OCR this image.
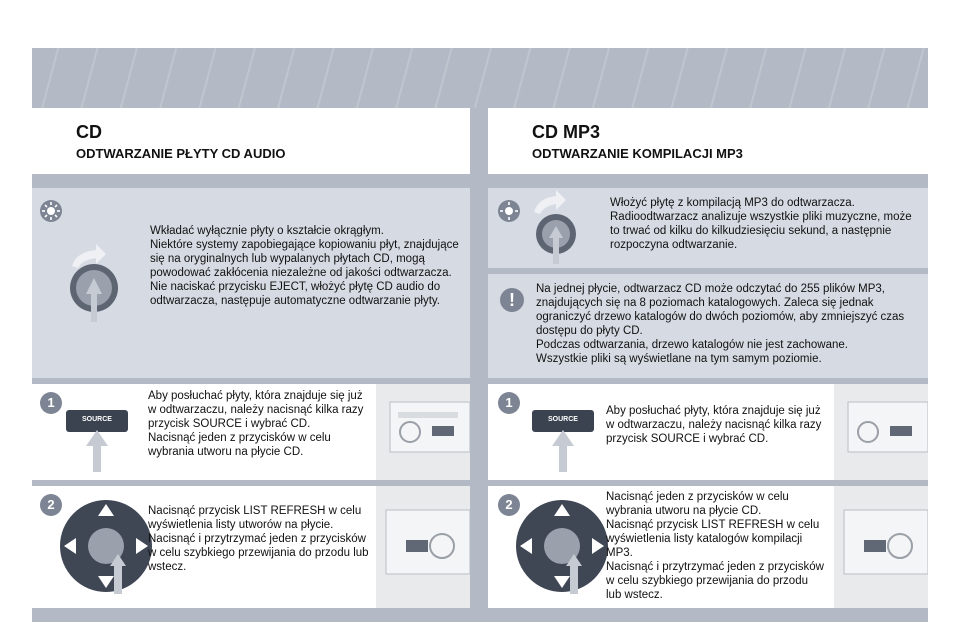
CD
ODTWARZANIE PŁYTY CD AUDIO
CD MP3
ODTWARZANIE KOMPILACJI MP3
Wkładać wyłącznie płyty o kształcie okrągłym.
Niektóre systemy zapobiegające kopiowaniu płyt, znajdujące się na oryginalnych lub wypalanych płytach CD, mogą powodować zakłócenia niezależne od jakości odtwarzacza.
Nie naciskać przycisku EJECT, włożyć płytę CD audio do odtwarzacza, następuje automatyczne odtwarzanie płyty.
1
SOURCE
Aby posłuchać płyty, która znajduje się już w odtwarzaczu, należy nacisnąć kilka razy przycisk SOURCE i wybrać CD.
Nacisnąć jeden z przycisków w celu wybrania utworu na płycie CD.
2	Nacisnąć przycisk LIST REFRESH w celu wyświetlenia listy utworów na płycie.
Nacisnąć i przytrzymać jeden z przycisków w celu szybkiego przewijania do przodu lub wstecz.
Włożyć płytę z kompilacją MP3 do odtwarzacza.
Radioodtwarzacz analizuje wszystkie pliki muzyczne, może to trwać od kilku do kilkudziesięciu sekund, a następnie rozpoczyna odtwarzanie.
!
Na jednej płycie, odtwarzacz CD może odczytać do 255 plików MP3, znajdujących się na 8 poziomach katalogowych. Zaleca się jednak ograniczyć drzewo katalogów do dwóch poziomów, aby zmniejszyć czas dostępu do płyty CD.
Podczas odtwarzania, drzewo katalogów nie jest zachowane.
Wszystkie pliki są wyświetlane na tym samym poziomie.
1
SOURCE
Aby posłuchać płyty, która znajduje się już w odtwarzaczu, należy nacisnąć kilka razy przycisk SOURCE i wybrać CD.
2	Nacisnąć jeden z przycisków w celu wybrania utworu na płycie CD.
Nacisnąć przycisk LIST REFRESH w celu wyświetlenia listy katalogów kompilacji MP3.
Nacisnąć i przytrzymać jeden z przycisków w celu szybkiego przewijania do przodu lub wstecz.
